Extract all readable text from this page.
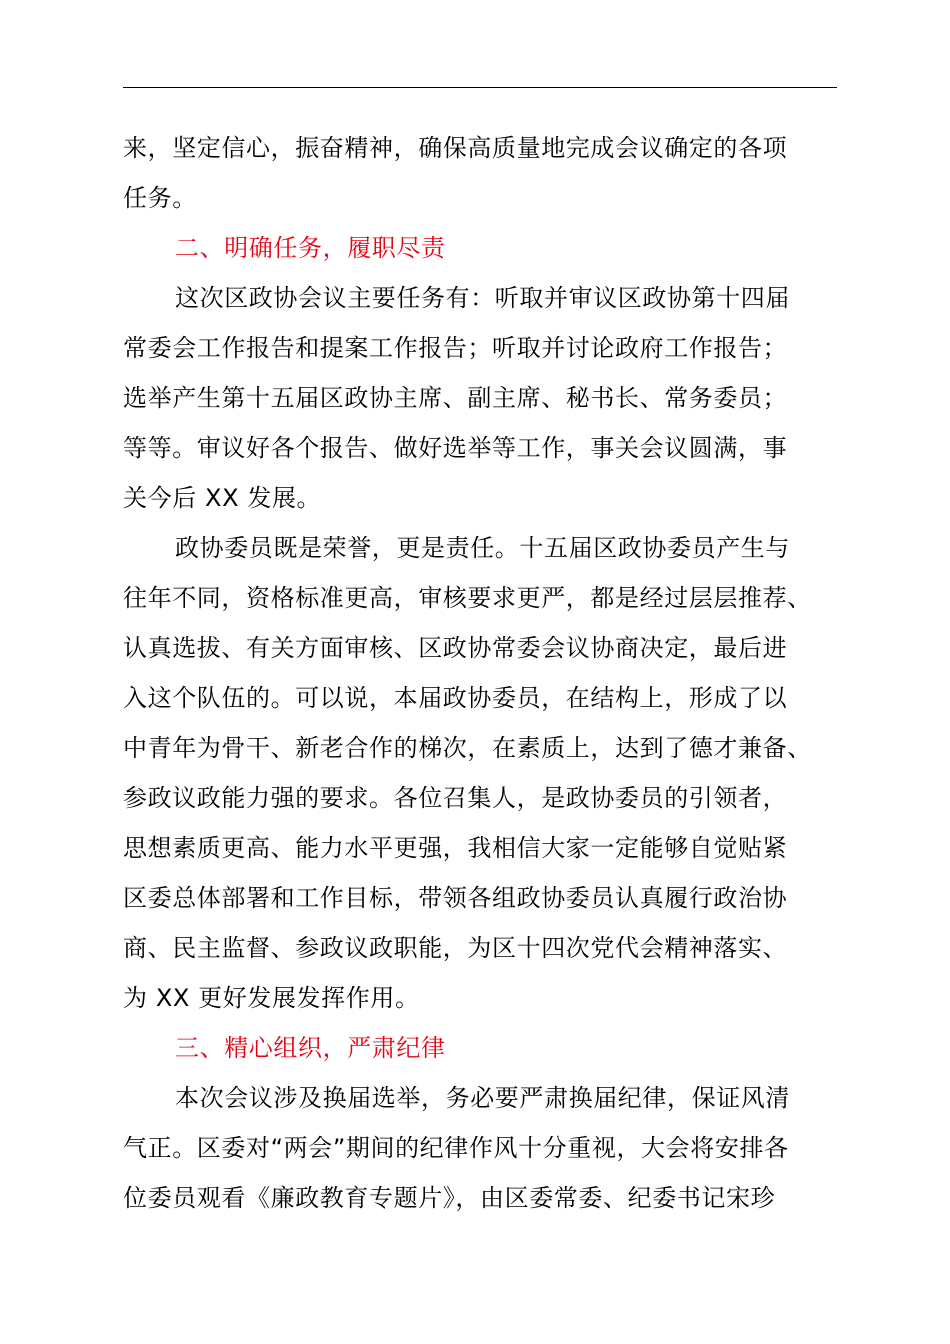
来，坚定信心，振奋精神，确保高质量地完成会议确定的各项
任务。
二、明确任务，履职尽责
这次区政协会议主要任务有：听取并审议区政协第十四届
常委会工作报告和提案工作报告；听取并讨论政府工作报告；
选举产生第十五届区政协主席、副主席、秘书长、常务委员；
等等。审议好各个报告、做好选举等工作，事关会议圆满，事
关今后 XX 发展。
政协委员既是荣誉，更是责任。十五届区政协委员产生与
往年不同，资格标准更高，审核要求更严，都是经过层层推荐、
认真选拔、有关方面审核、区政协常委会议协商决定，最后进
入这个队伍的。可以说，本届政协委员，在结构上，形成了以
中青年为骨干、新老合作的梯次，在素质上，达到了德才兼备、
参政议政能力强的要求。各位召集人，是政协委员的引领者，
思想素质更高、能力水平更强，我相信大家一定能够自觉贴紧
区委总体部署和工作目标，带领各组政协委员认真履行政治协
商、民主监督、参政议政职能，为区十四次党代会精神落实、
为 XX 更好发展发挥作用。
三、精心组织，严肃纪律
本次会议涉及换届选举，务必要严肃换届纪律，保证风清
气正。区委对“两会”期间的纪律作风十分重视，大会将安排各
位委员观看《廉政教育专题片》，由区委常委、纪委书记宋珍
